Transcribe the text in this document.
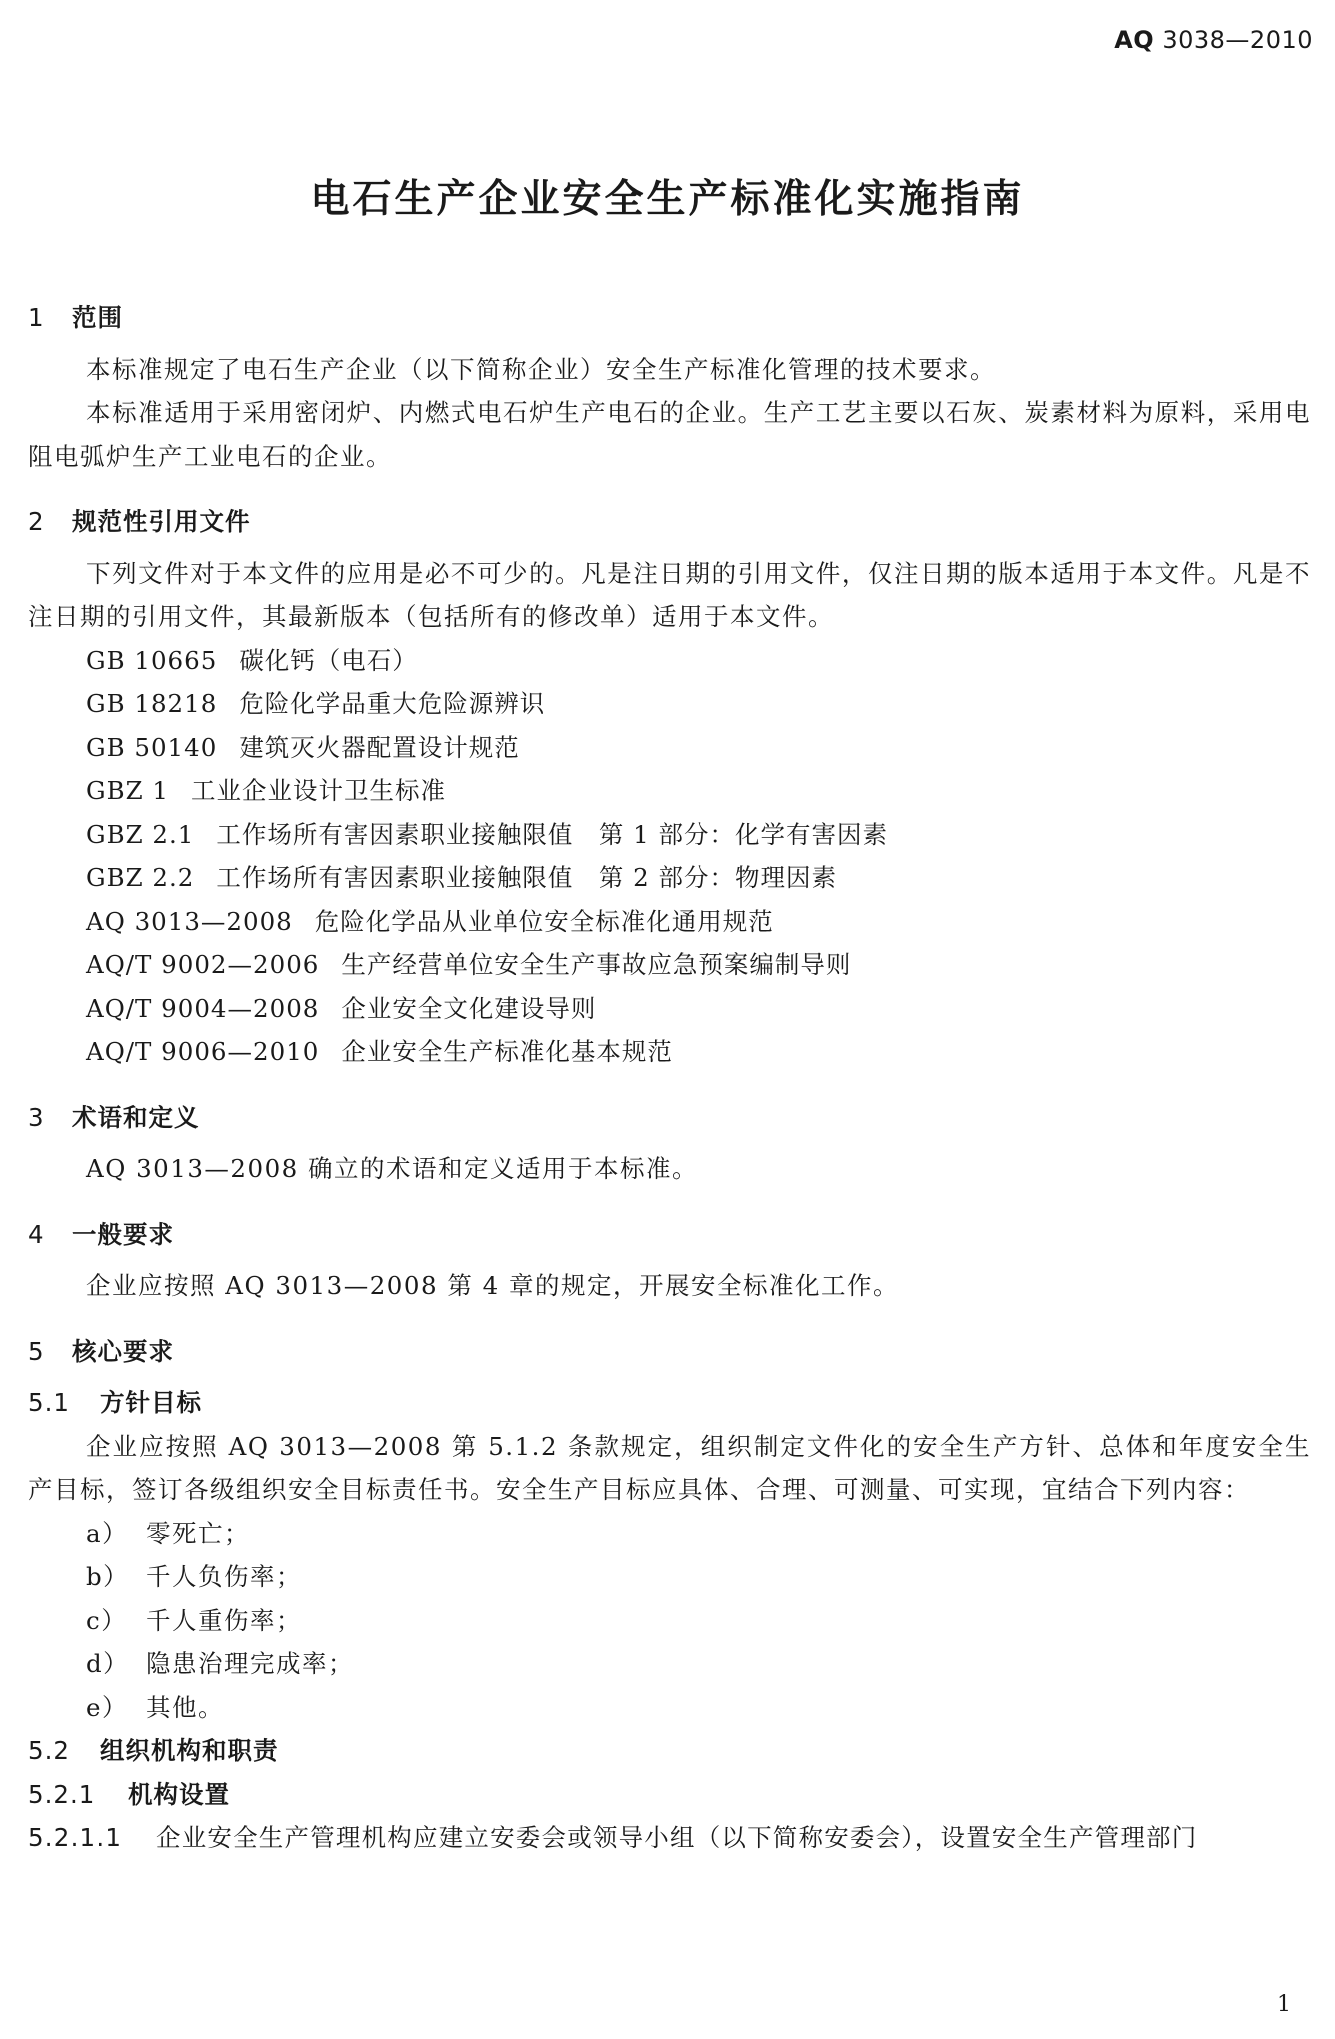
AQ 3038—2010
电石生产企业安全生产标准化实施指南
1 范围
本标准规定了电石生产企业（以下简称企业）安全生产标准化管理的技术要求。
本标准适用于采用密闭炉、内燃式电石炉生产电石的企业。生产工艺主要以石灰、炭素材料为原料，采用电阻电弧炉生产工业电石的企业。
2 规范性引用文件
下列文件对于本文件的应用是必不可少的。凡是注日期的引用文件，仅注日期的版本适用于本文件。凡是不注日期的引用文件，其最新版本（包括所有的修改单）适用于本文件。
GB 10665 碳化钙（电石）
GB 18218 危险化学品重大危险源辨识
GB 50140 建筑灭火器配置设计规范
GBZ 1 工业企业设计卫生标准
GBZ 2.1 工作场所有害因素职业接触限值　第 1 部分：化学有害因素
GBZ 2.2 工作场所有害因素职业接触限值　第 2 部分：物理因素
AQ 3013—2008 危险化学品从业单位安全标准化通用规范
AQ/T 9002—2006 生产经营单位安全生产事故应急预案编制导则
AQ/T 9004—2008 企业安全文化建设导则
AQ/T 9006—2010 企业安全生产标准化基本规范
3 术语和定义
AQ 3013—2008 确立的术语和定义适用于本标准。
4 一般要求
企业应按照 AQ 3013—2008 第 4 章的规定，开展安全标准化工作。
5 核心要求
5.1 方针目标
企业应按照 AQ 3013—2008 第 5.1.2 条款规定，组织制定文件化的安全生产方针、总体和年度安全生产目标，签订各级组织安全目标责任书。安全生产目标应具体、合理、可测量、可实现，宜结合下列内容：
a） 零死亡；
b） 千人负伤率；
c） 千人重伤率；
d） 隐患治理完成率；
e） 其他。
5.2 组织机构和职责
5.2.1 机构设置
5.2.1.1 企业安全生产管理机构应建立安委会或领导小组（以下简称安委会），设置安全生产管理部门
1
